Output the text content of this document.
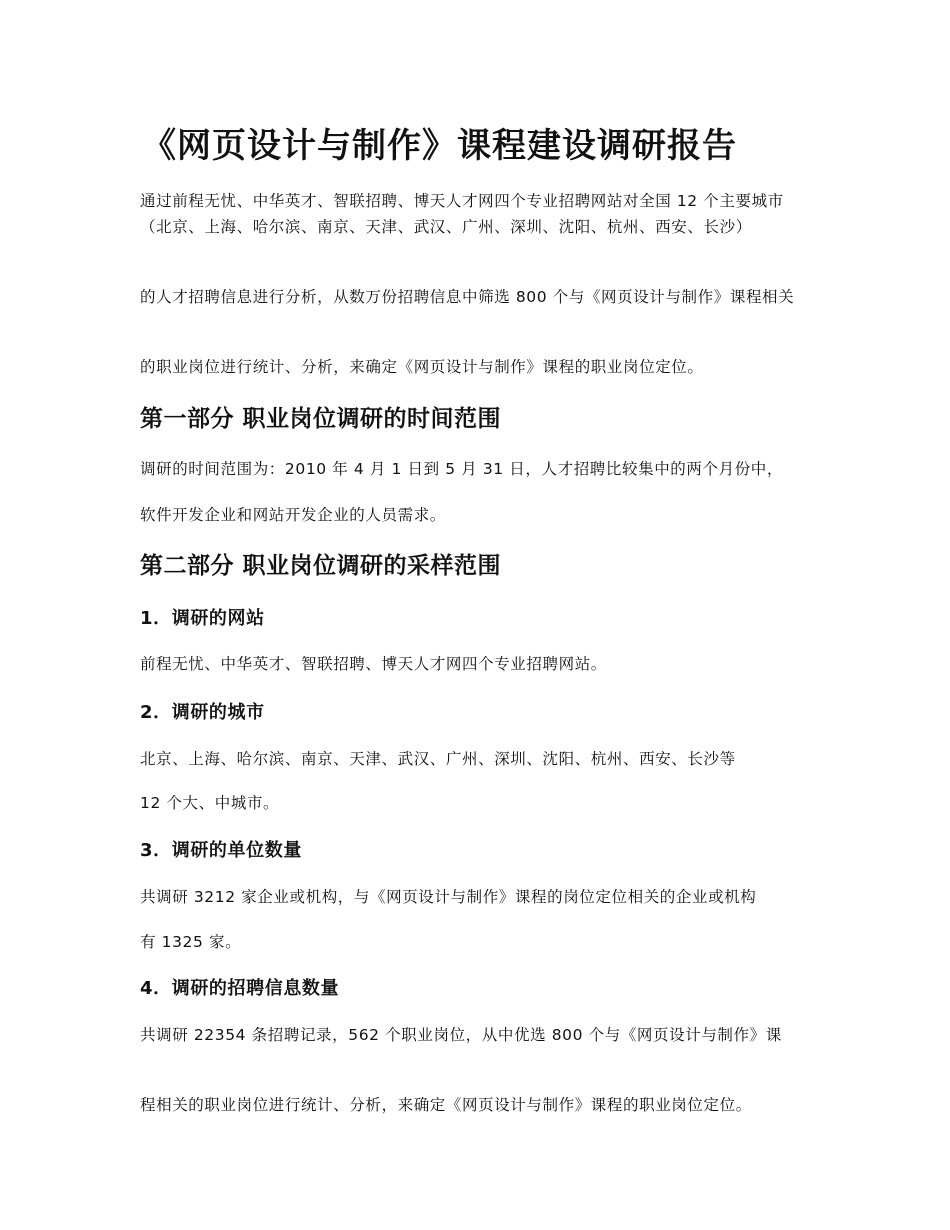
《网页设计与制作》课程建设调研报告

通过前程无忧、中华英才、智联招聘、博天人才网四个专业招聘网站对全国 12 个主要城市（北京、上海、哈尔滨、南京、天津、武汉、广州、深圳、沈阳、杭州、西安、长沙）

的人才招聘信息进行分析，从数万份招聘信息中筛选 800 个与《网页设计与制作》课程相关

的职业岗位进行统计、分析，来确定《网页设计与制作》课程的职业岗位定位。

第一部分 职业岗位调研的时间范围

调研的时间范围为：2010 年 4 月 1 日到 5 月 31 日，人才招聘比较集中的两个月份中，

软件开发企业和网站开发企业的人员需求。

第二部分 职业岗位调研的采样范围
1．调研的网站

前程无忧、中华英才、智联招聘、博天人才网四个专业招聘网站。

2．调研的城市

北京、上海、哈尔滨、南京、天津、武汉、广州、深圳、沈阳、杭州、西安、长沙等

12 个大、中城市。

3．调研的单位数量

共调研 3212 家企业或机构，与《网页设计与制作》课程的岗位定位相关的企业或机构

有 1325 家。

4．调研的招聘信息数量

共调研 22354 条招聘记录，562 个职业岗位，从中优选 800 个与《网页设计与制作》课

程相关的职业岗位进行统计、分析，来确定《网页设计与制作》课程的职业岗位定位。
